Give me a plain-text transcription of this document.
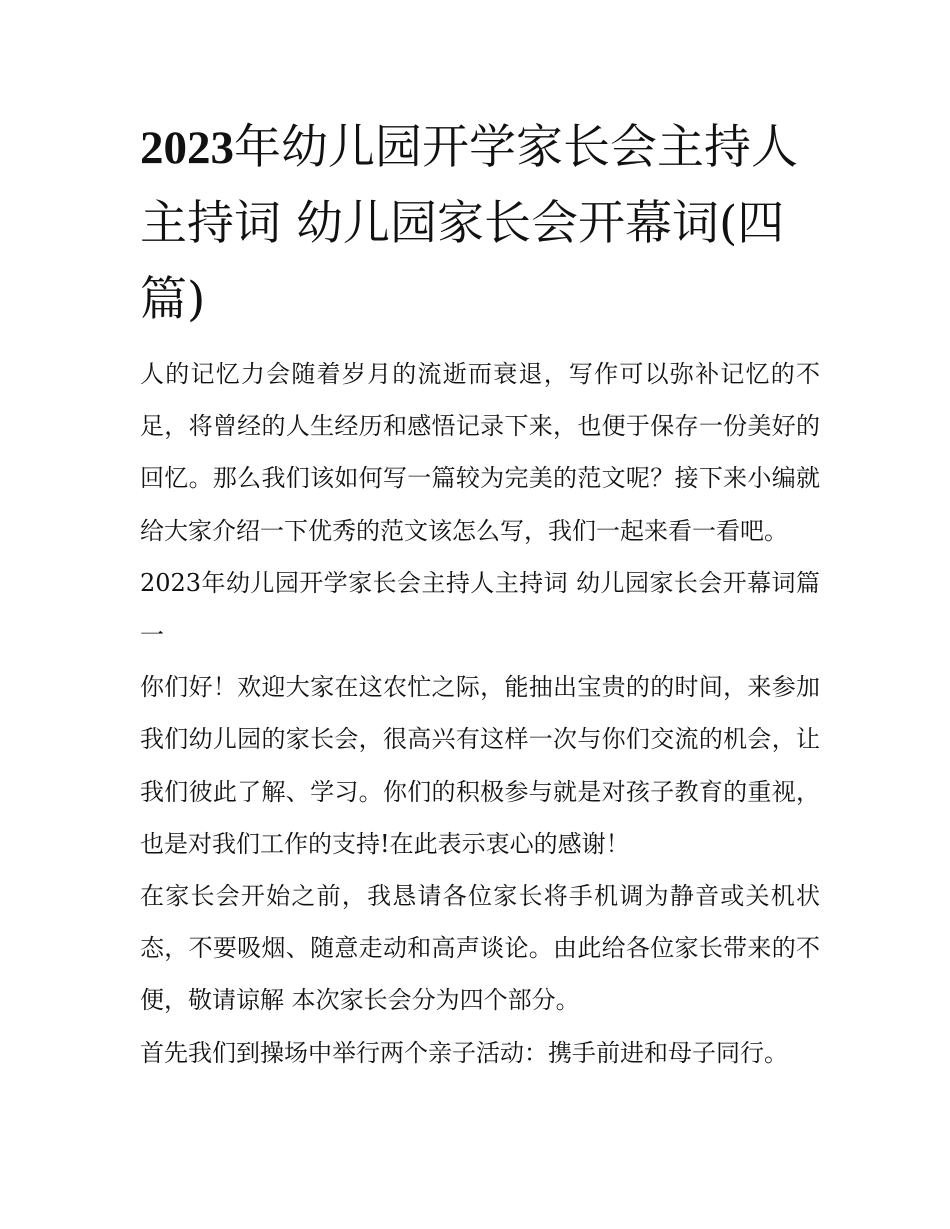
2023年幼儿园开学家长会主持人主持词 幼儿园家长会开幕词(四篇)

人的记忆力会随着岁月的流逝而衰退，写作可以弥补记忆的不足，将曾经的人生经历和感悟记录下来，也便于保存一份美好的回忆。那么我们该如何写一篇较为完美的范文呢？接下来小编就给大家介绍一下优秀的范文该怎么写，我们一起来看一看吧。

2023年幼儿园开学家长会主持人主持词 幼儿园家长会开幕词篇一

你们好！欢迎大家在这农忙之际，能抽出宝贵的的时间，来参加我们幼儿园的家长会，很高兴有这样一次与你们交流的机会，让我们彼此了解、学习。你们的积极参与就是对孩子教育的重视，也是对我们工作的支持!在此表示衷心的感谢！

在家长会开始之前，我恳请各位家长将手机调为静音或关机状态，不要吸烟、随意走动和高声谈论。由此给各位家长带来的不便，敬请谅解 本次家长会分为四个部分。

首先我们到操场中举行两个亲子活动：携手前进和母子同行。
